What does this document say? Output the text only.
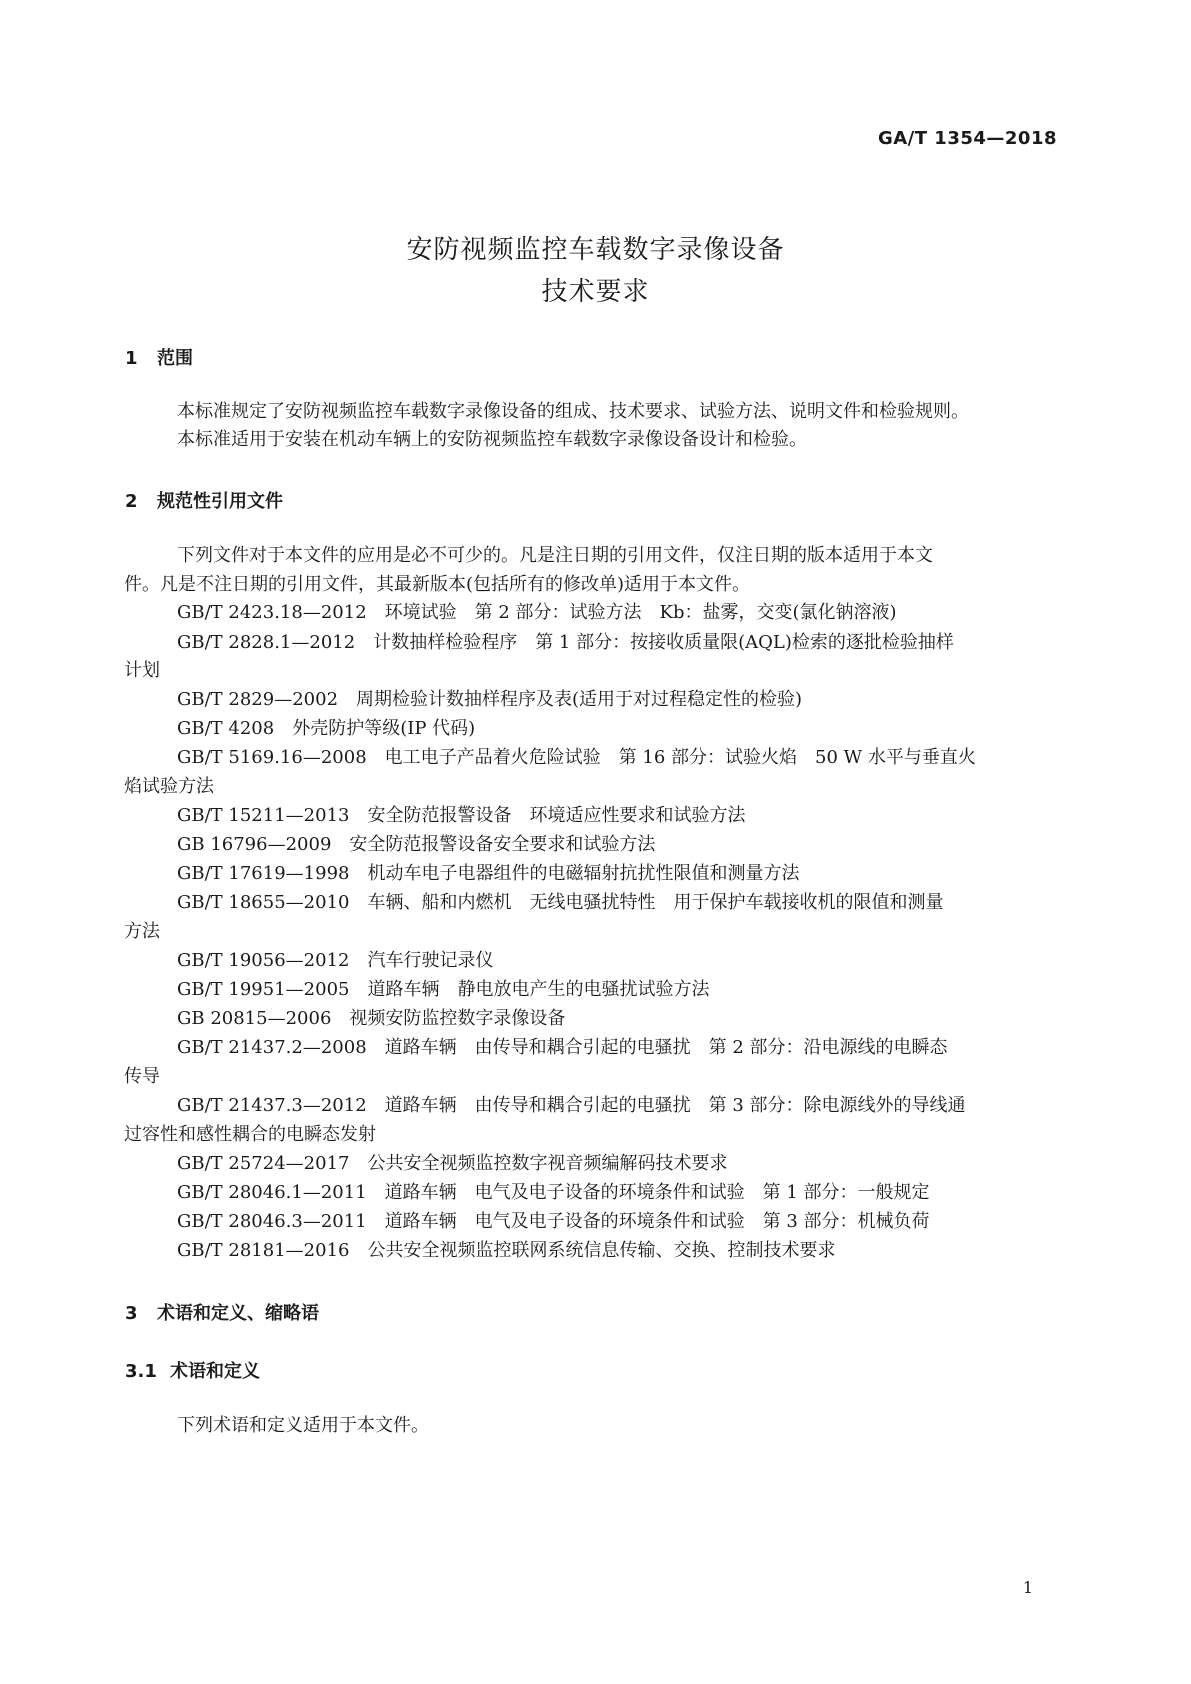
GA/T 1354—2018
安防视频监控车载数字录像设备
技术要求
1 范围
本标准规定了安防视频监控车载数字录像设备的组成、技术要求、试验方法、说明文件和检验规则。
本标准适用于安装在机动车辆上的安防视频监控车载数字录像设备设计和检验。
2 规范性引用文件
下列文件对于本文件的应用是必不可少的。凡是注日期的引用文件，仅注日期的版本适用于本文
件。凡是不注日期的引用文件，其最新版本(包括所有的修改单)适用于本文件。
GB/T 2423.18—2012 环境试验　第 2 部分：试验方法　Kb：盐雾，交变(氯化钠溶液)
GB/T 2828.1—2012 计数抽样检验程序　第 1 部分：按接收质量限(AQL)检索的逐批检验抽样
计划
GB/T 2829—2002 周期检验计数抽样程序及表(适用于对过程稳定性的检验)
GB/T 4208 外壳防护等级(IP 代码)
GB/T 5169.16—2008 电工电子产品着火危险试验　第 16 部分：试验火焰　50 W 水平与垂直火
焰试验方法
GB/T 15211—2013 安全防范报警设备　环境适应性要求和试验方法
GB 16796—2009 安全防范报警设备安全要求和试验方法
GB/T 17619—1998 机动车电子电器组件的电磁辐射抗扰性限值和测量方法
GB/T 18655—2010 车辆、船和内燃机　无线电骚扰特性　用于保护车载接收机的限值和测量
方法
GB/T 19056—2012 汽车行驶记录仪
GB/T 19951—2005 道路车辆　静电放电产生的电骚扰试验方法
GB 20815—2006 视频安防监控数字录像设备
GB/T 21437.2—2008 道路车辆　由传导和耦合引起的电骚扰　第 2 部分：沿电源线的电瞬态
传导
GB/T 21437.3—2012 道路车辆　由传导和耦合引起的电骚扰　第 3 部分：除电源线外的导线通
过容性和感性耦合的电瞬态发射
GB/T 25724—2017 公共安全视频监控数字视音频编解码技术要求
GB/T 28046.1—2011 道路车辆　电气及电子设备的环境条件和试验　第 1 部分：一般规定
GB/T 28046.3—2011 道路车辆　电气及电子设备的环境条件和试验　第 3 部分：机械负荷
GB/T 28181—2016 公共安全视频监控联网系统信息传输、交换、控制技术要求
3 术语和定义、缩略语
3.1 术语和定义
下列术语和定义适用于本文件。
1
